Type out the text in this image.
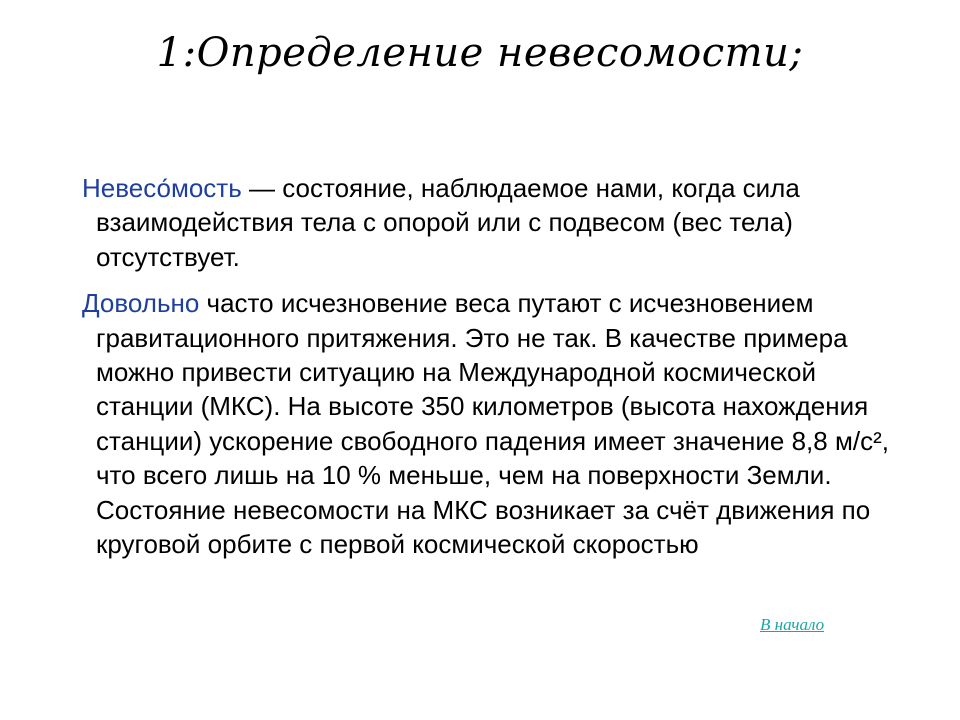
1:Определение невесомости;

Невесо́мость — состояние, наблюдаемое нами, когда сила взаимодействия тела с опорой или с подвесом (вес тела) отсутствует.

Довольно часто исчезновение веса путают с исчезновением гравитационного притяжения. Это не так. В качестве примера можно привести ситуацию на Международной космической станции (МКС). На высоте 350 километров (высота нахождения станции) ускорение свободного падения имеет значение 8,8 м/с², что всего лишь на 10 % меньше, чем на поверхности Земли. Состояние невесомости на МКС возникает за счёт движения по круговой орбите с первой космической скоростью

В начало
